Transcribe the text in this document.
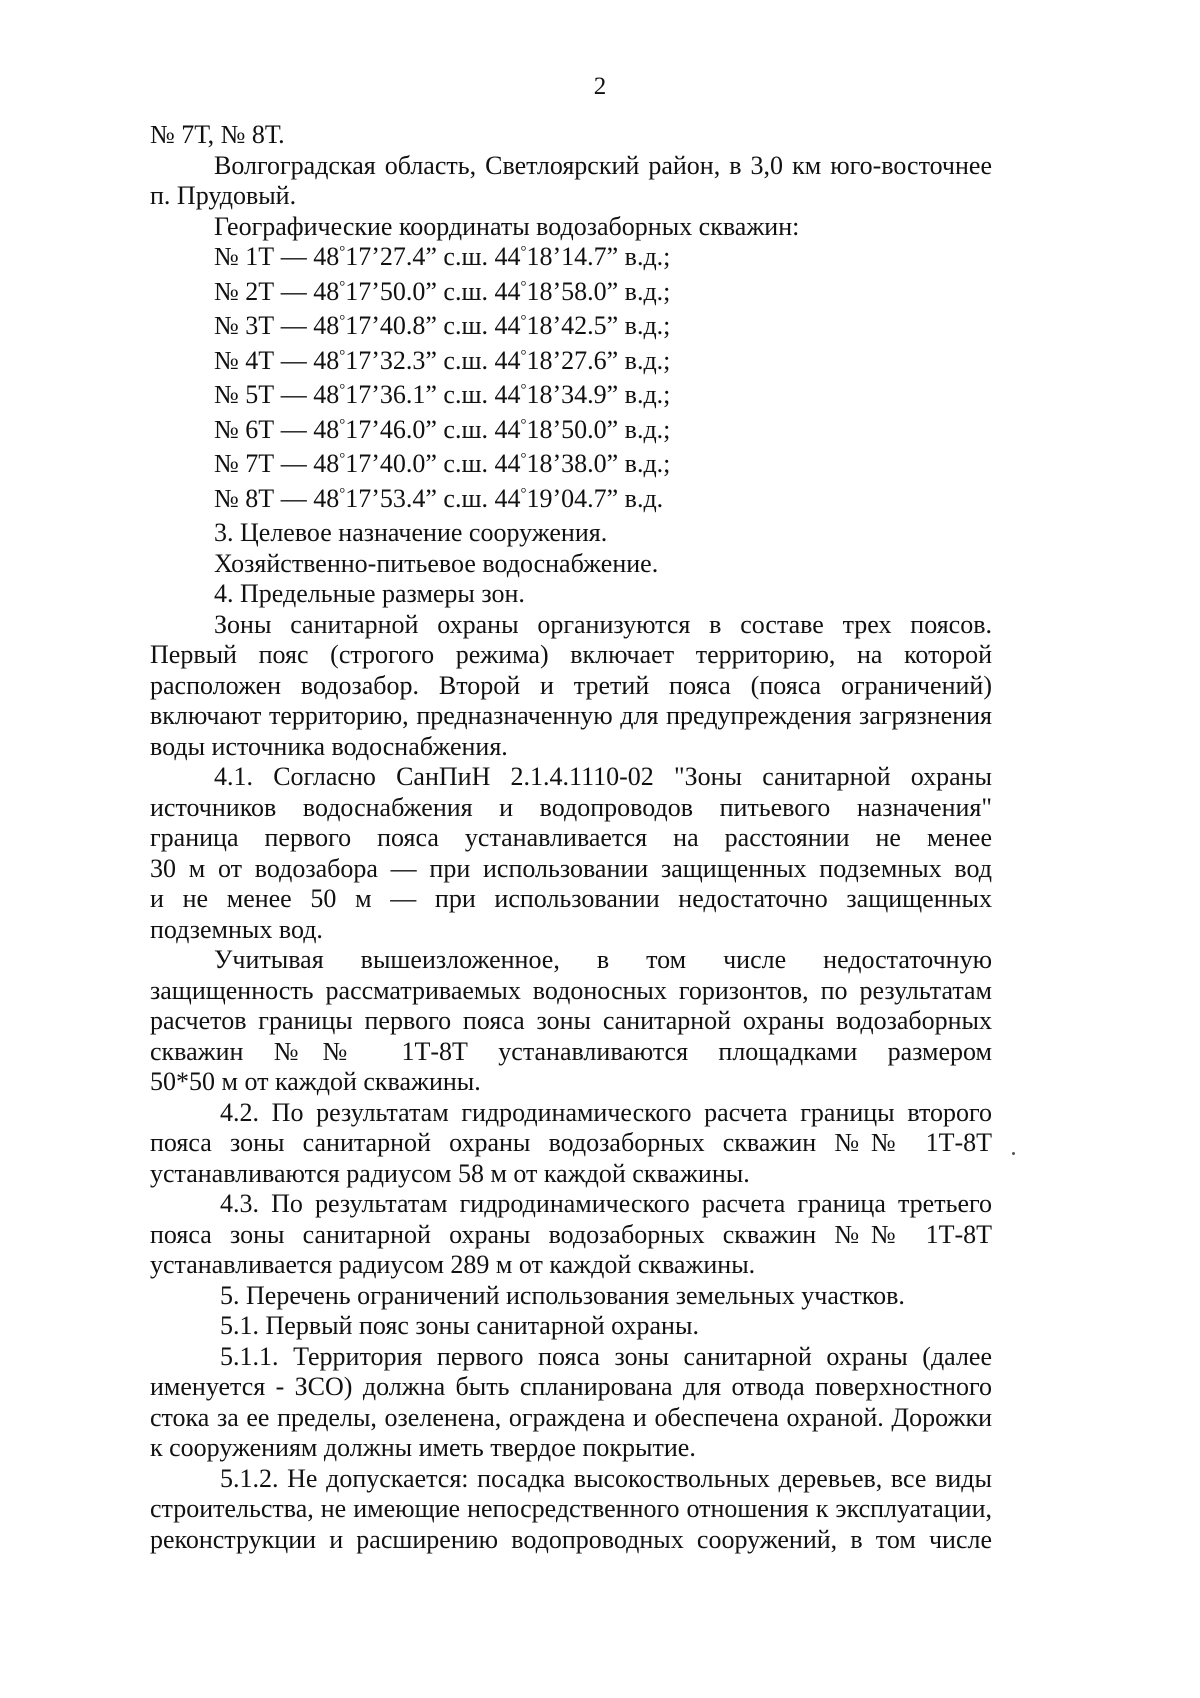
2
№ 7Т, № 8Т.
Волгоградская область, Светлоярский район, в 3,0 км юго-восточнее
п. Прудовый.
Географические координаты водозаборных скважин:
№ 1Т — 48°17’27.4” с.ш. 44°18’14.7” в.д.;
№ 2Т — 48°17’50.0” с.ш. 44°18’58.0” в.д.;
№ 3Т — 48°17’40.8” с.ш. 44°18’42.5” в.д.;
№ 4Т — 48°17’32.3” с.ш. 44°18’27.6” в.д.;
№ 5Т — 48°17’36.1” с.ш. 44°18’34.9” в.д.;
№ 6Т — 48°17’46.0” с.ш. 44°18’50.0” в.д.;
№ 7Т — 48°17’40.0” с.ш. 44°18’38.0” в.д.;
№ 8Т — 48°17’53.4” с.ш. 44°19’04.7” в.д.
3. Целевое назначение сооружения.
Хозяйственно-питьевое водоснабжение.
4. Предельные размеры зон.
Зоны санитарной охраны организуются в составе трех поясов.
Первый пояс (строгого режима) включает территорию, на которой
расположен водозабор. Второй и третий пояса (пояса ограничений)
включают территорию, предназначенную для предупреждения загрязнения
воды источника водоснабжения.
4.1. Согласно СанПиН 2.1.4.1110-02 "Зоны санитарной охраны
источников водоснабжения и водопроводов питьевого назначения"
граница первого пояса устанавливается на расстоянии не менее
30 м от водозабора — при использовании защищенных подземных вод
и не менее 50 м — при использовании недостаточно защищенных
подземных вод.
Учитывая вышеизложенное, в том числе недостаточную
защищенность рассматриваемых водоносных горизонтов, по результатам
расчетов границы первого пояса зоны санитарной охраны водозаборных
скважин №№ 1Т-8Т устанавливаются площадками размером
50*50 м от каждой скважины.
4.2. По результатам гидродинамического расчета границы второго
пояса зоны санитарной охраны водозаборных скважин №№ 1Т-8Т
устанавливаются радиусом 58 м от каждой скважины.
4.3. По результатам гидродинамического расчета граница третьего
пояса зоны санитарной охраны водозаборных скважин №№ 1Т-8Т
устанавливается радиусом 289 м от каждой скважины.
5. Перечень ограничений использования земельных участков.
5.1. Первый пояс зоны санитарной охраны.
5.1.1. Территория первого пояса зоны санитарной охраны (далее
именуется - ЗСО) должна быть спланирована для отвода поверхностного
стока за ее пределы, озеленена, ограждена и обеспечена охраной. Дорожки
к сооружениям должны иметь твердое покрытие.
5.1.2. Не допускается: посадка высокоствольных деревьев, все виды
строительства, не имеющие непосредственного отношения к эксплуатации,
реконструкции и расширению водопроводных сооружений, в том числе
